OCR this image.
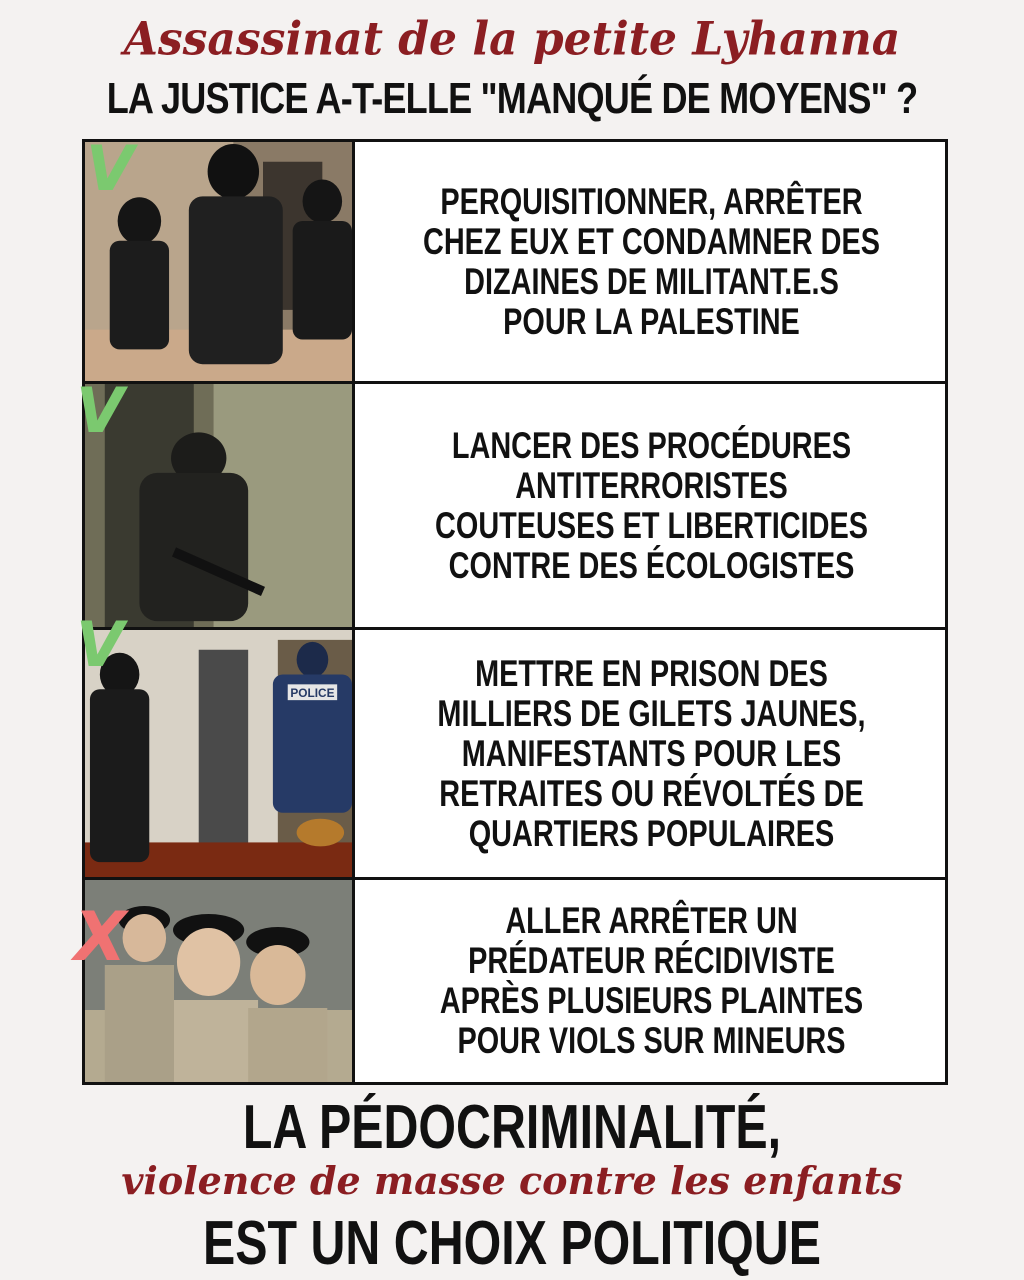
Assassinat de la petite Lyhanna
LA JUSTICE A-T-ELLE "MANQUÉ DE MOYENS" ?
PERQUISITIONNER, ARRÊTER CHEZ EUX ET CONDAMNER DES DIZAINES DE MILITANT.E.S POUR LA PALESTINE
LANCER DES PROCÉDURES ANTITERRORISTES COUTEUSES ET LIBERTICIDES CONTRE DES ÉCOLOGISTES
POLICE	METTRE EN PRISON DES MILLIERS DE GILETS JAUNES, MANIFESTANTS POUR LES RETRAITES OU RÉVOLTÉS DE QUARTIERS POPULAIRES
ALLER ARRÊTER UN PRÉDATEUR RÉCIDIVISTE APRÈS PLUSIEURS PLAINTES POUR VIOLS SUR MINEURS
V
V
V
X
LA PÉDOCRIMINALITÉ,
violence de masse contre les enfants
EST UN CHOIX POLITIQUE
